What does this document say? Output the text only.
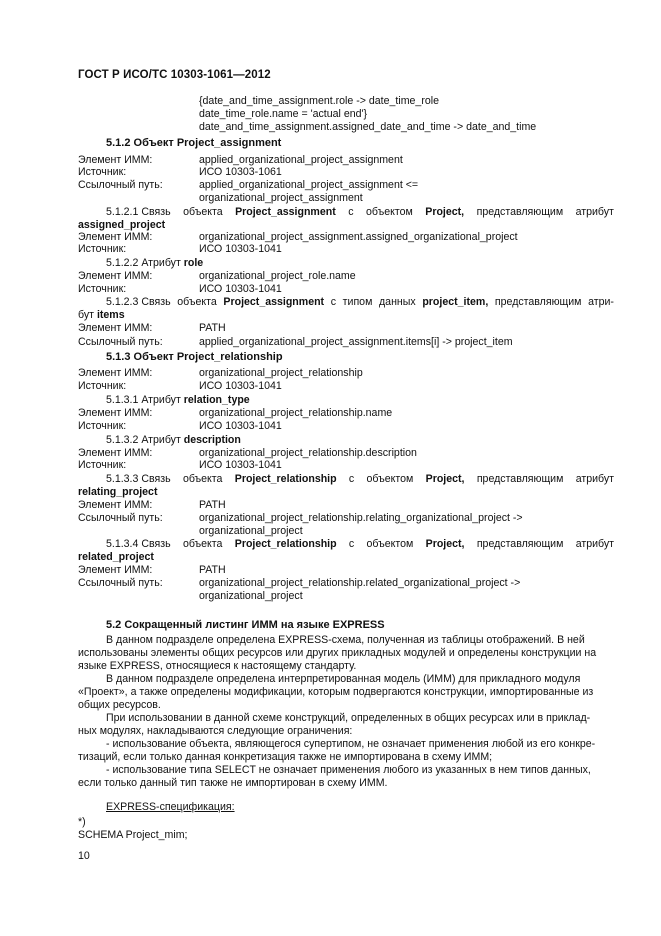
ГОСТ Р ИСО/ТС 10303-1061—2012
{date_and_time_assignment.role -> date_time_role
date_time_role.name = 'actual end'}
date_and_time_assignment.assigned_date_and_time -> date_and_time
5.1.2 Объект Project_assignment
Элемент ИММ:	applied_organizational_project_assignment
Источник:	ИСО 10303-1061
Ссылочный путь:	applied_organizational_project_assignment <=
organizational_project_assignment
5.1.2.1 Связь объекта Project_assignment с объектом Project, представляющим атрибут
assigned_project
Элемент ИММ:	organizational_project_assignment.assigned_organizational_project
Источник:	ИСО 10303-1041
5.1.2.2 Атрибут role
Элемент ИММ:	organizational_project_role.name
Источник:	ИСО 10303-1041
5.1.2.3 Связь объекта Project_assignment с типом данных project_item, представляющим атри-
бут items
Элемент ИММ:	PATH
Ссылочный путь:	applied_organizational_project_assignment.items[i] -> project_item
5.1.3 Объект Project_relationship
Элемент ИММ:	organizational_project_relationship
Источник:	ИСО 10303-1041
5.1.3.1 Атрибут relation_type
Элемент ИММ:	organizational_project_relationship.name
Источник:	ИСО 10303-1041
5.1.3.2 Атрибут description
Элемент ИММ:	organizational_project_relationship.description
Источник:	ИСО 10303-1041
5.1.3.3 Связь объекта Project_relationship с объектом Project, представляющим атрибут
relating_project
Элемент ИММ:	PATH
Ссылочный путь:	organizational_project_relationship.relating_organizational_project ->
organizational_project
5.1.3.4 Связь объекта Project_relationship с объектом Project, представляющим атрибут
related_project
Элемент ИММ:	PATH
Ссылочный путь:	organizational_project_relationship.related_organizational_project ->
organizational_project
5.2 Сокращенный листинг ИММ на языке EXPRESS
В данном подразделе определена EXPRESS-схема, полученная из таблицы отображений. В ней
использованы элементы общих ресурсов или других прикладных модулей и определены конструкции на
языке EXPRESS, относящиеся к настоящему стандарту.
В данном подразделе определена интерпретированная модель (ИММ) для прикладного модуля
«Проект», а также определены модификации, которым подвергаются конструкции, импортированные из
общих ресурсов.
При использовании в данной схеме конструкций, определенных в общих ресурсах или в приклад-
ных модулях, накладываются следующие ограничения:
- использование объекта, являющегося супертипом, не означает применения любой из его конкре-
тизаций, если только данная конкретизация также не импортирована в схему ИММ;
- использование типа SELECT не означает применения любого из указанных в нем типов данных,
если только данный тип также не импортирован в схему ИММ.
EXPRESS-спецификация:
*)
SCHEMA Project_mim;
10
